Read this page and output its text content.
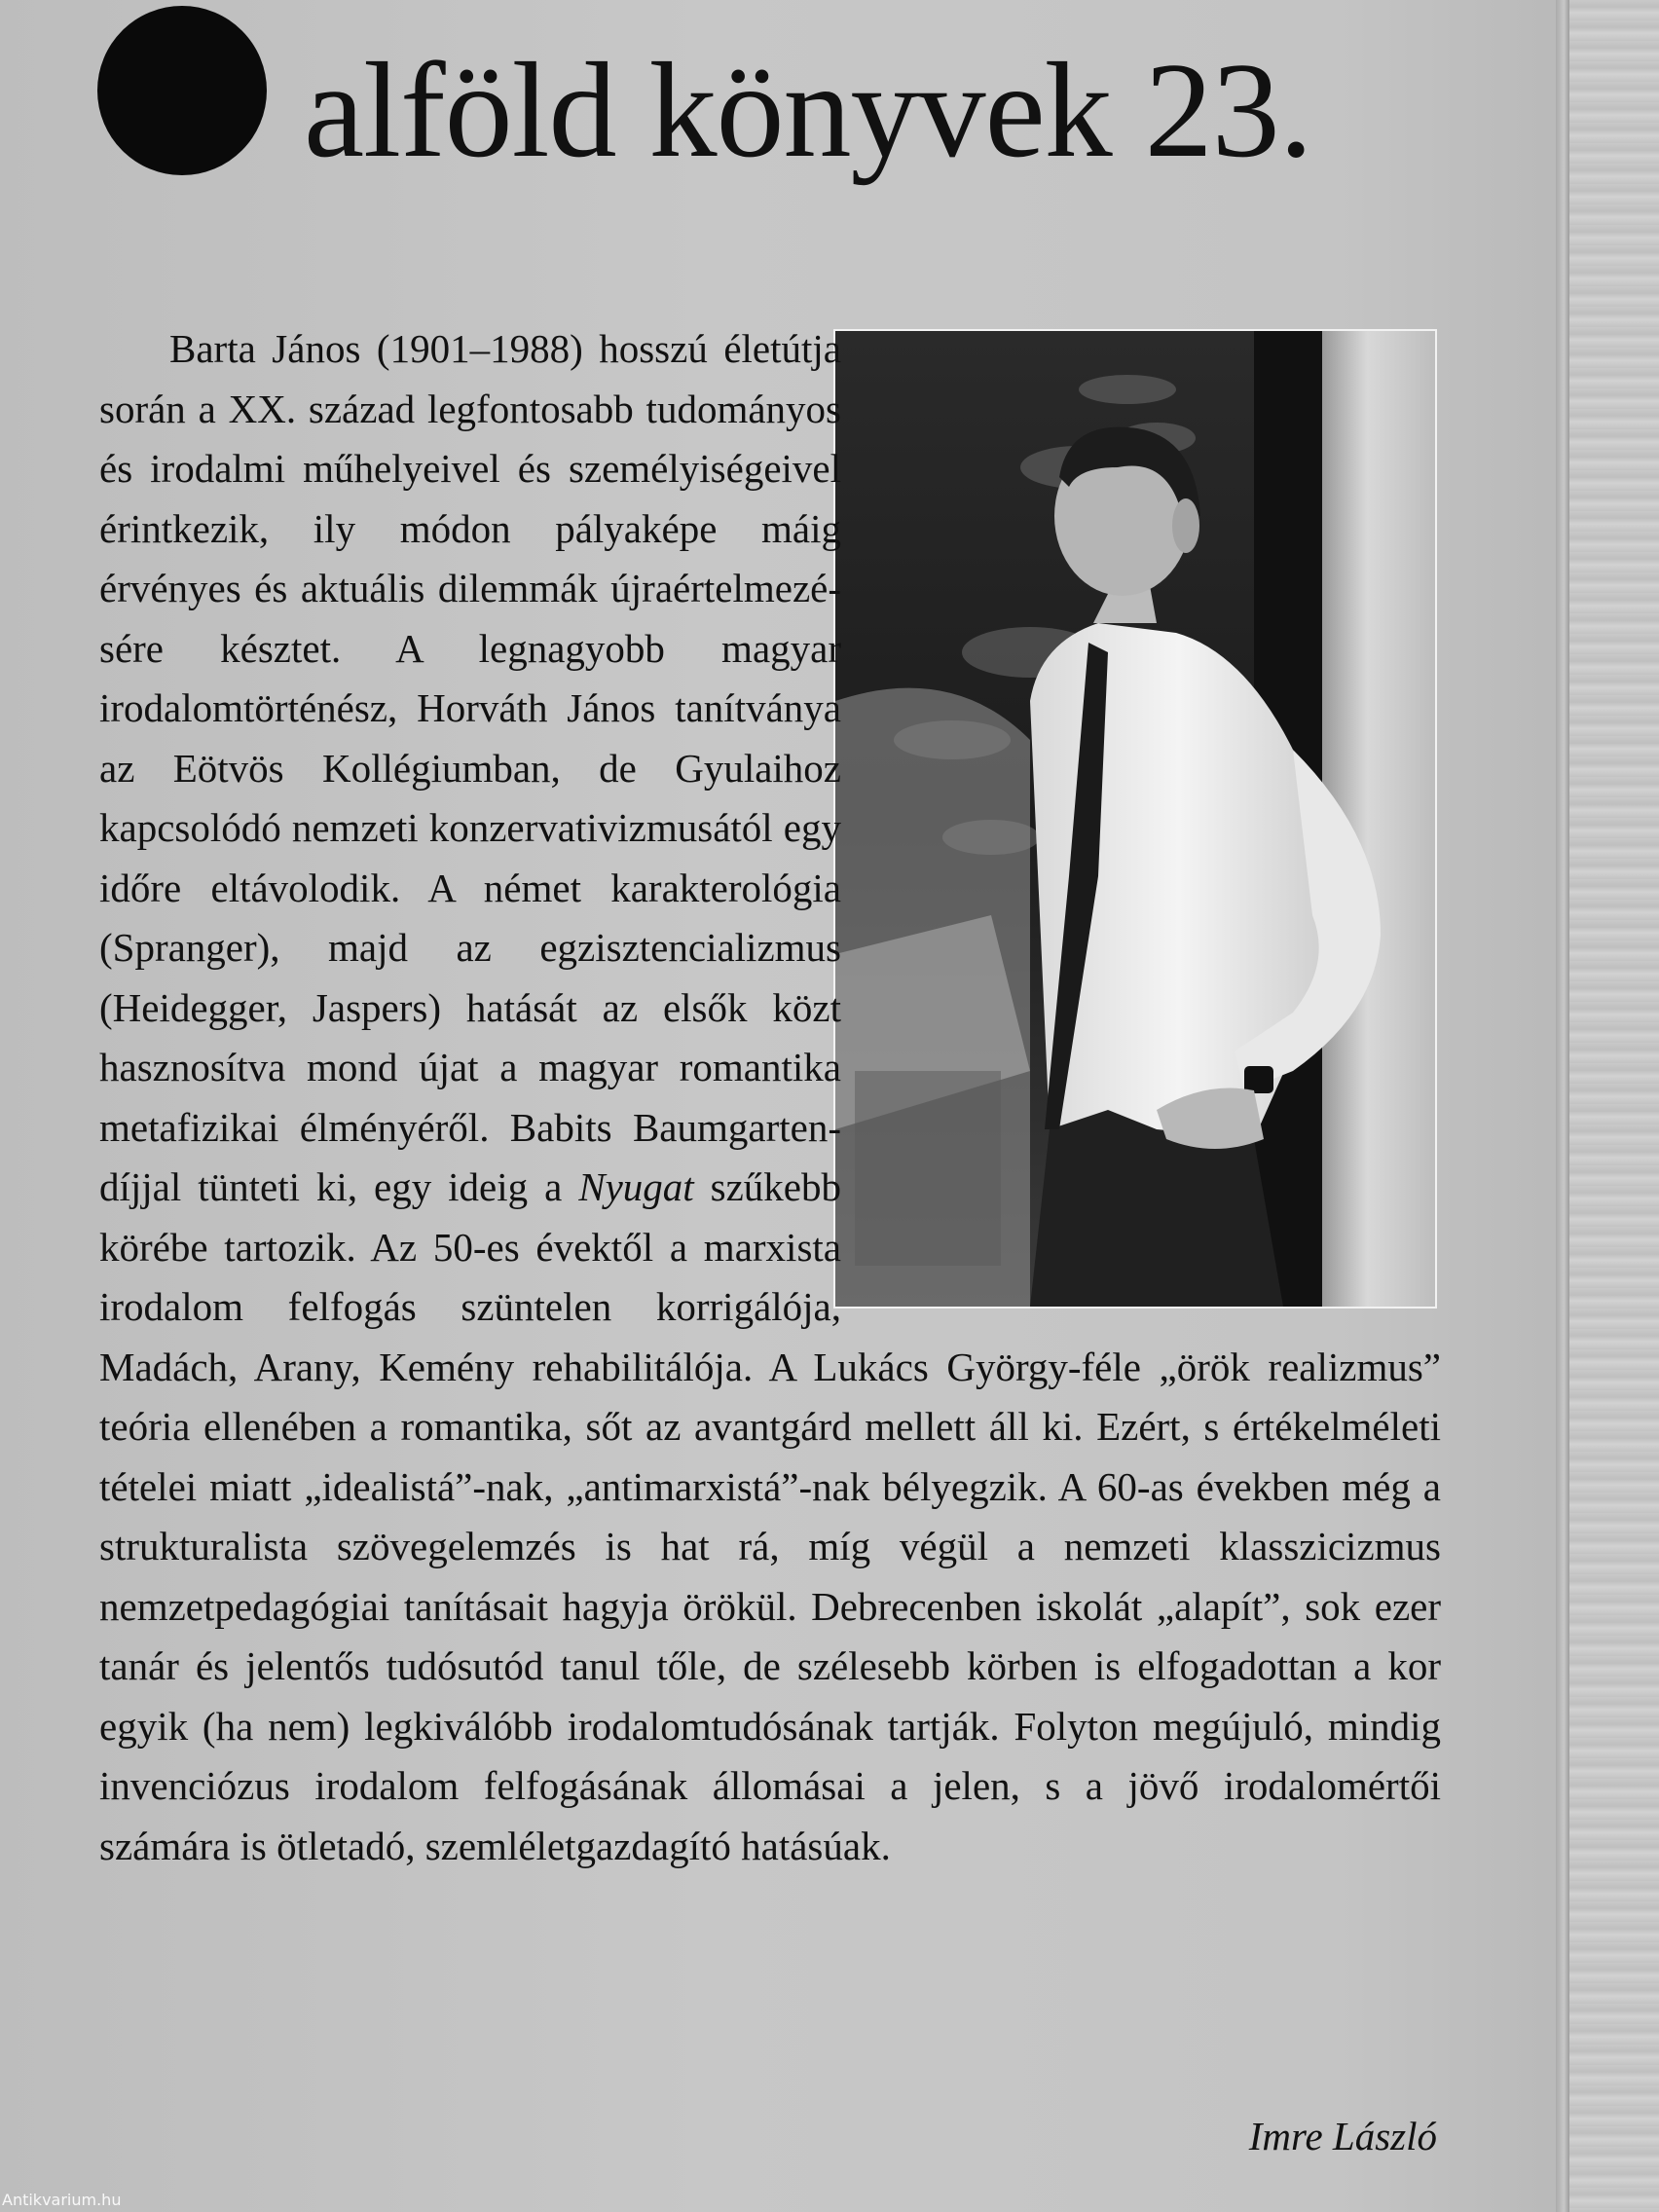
alföld könyvek 23.

Barta János (1901–1988) hosszú életútja során a XX. század legfontosabb tudományos és irodalmi műhelyeivel és személyiségeivel érintkezik, ily módon pályaképe máig érvényes és aktuális dilemmák újraértelmezésére késztet. A legnagyobb magyar irodalomtörténész, Horváth János tanítványa az Eötvös Kollégiumban, de Gyulaihoz kapcsolódó nemzeti konzervativizmusától egy időre eltávolodik. A német karakterológia (Spranger), majd az egzisztencializmus (Heidegger, Jaspers) hatását az elsők közt hasznosítva mond újat a magyar romantika metafizikai élményéről. Babits Baumgarten-díjjal tünteti ki, egy ideig a Nyugat szűkebb körébe tartozik. Az 50-es évektől a marxista irodalom felfogás szüntelen korrigálója, Madách, Arany, Kemény rehabilitálója. A Lukács György-féle „örök realizmus” teória ellenében a romantika, sőt az avantgárd mellett áll ki. Ezért, s értékelméleti tételei miatt „idealistá”-nak, „antimarxistá”-nak bélyegzik. A 60-as években még a strukturalista szövegelemzés is hat rá, míg végül a nemzeti klasszicizmus nemzetpedagógiai tanításait hagyja örökül. Debrecenben iskolát „alapít”, sok ezer tanár és jelentős tudósutód tanul tőle, de szélesebb körben is elfogadottan a kor egyik (ha nem) legkiválóbb irodalomtudósának tartják. Folyton megújuló, mindig invenciózus irodalom felfogásának állomásai a jelen, s a jövő irodalomértői számára is ötletadó, szemléletgazdagító hatásúak.

Imre László

Antikvarium.hu
